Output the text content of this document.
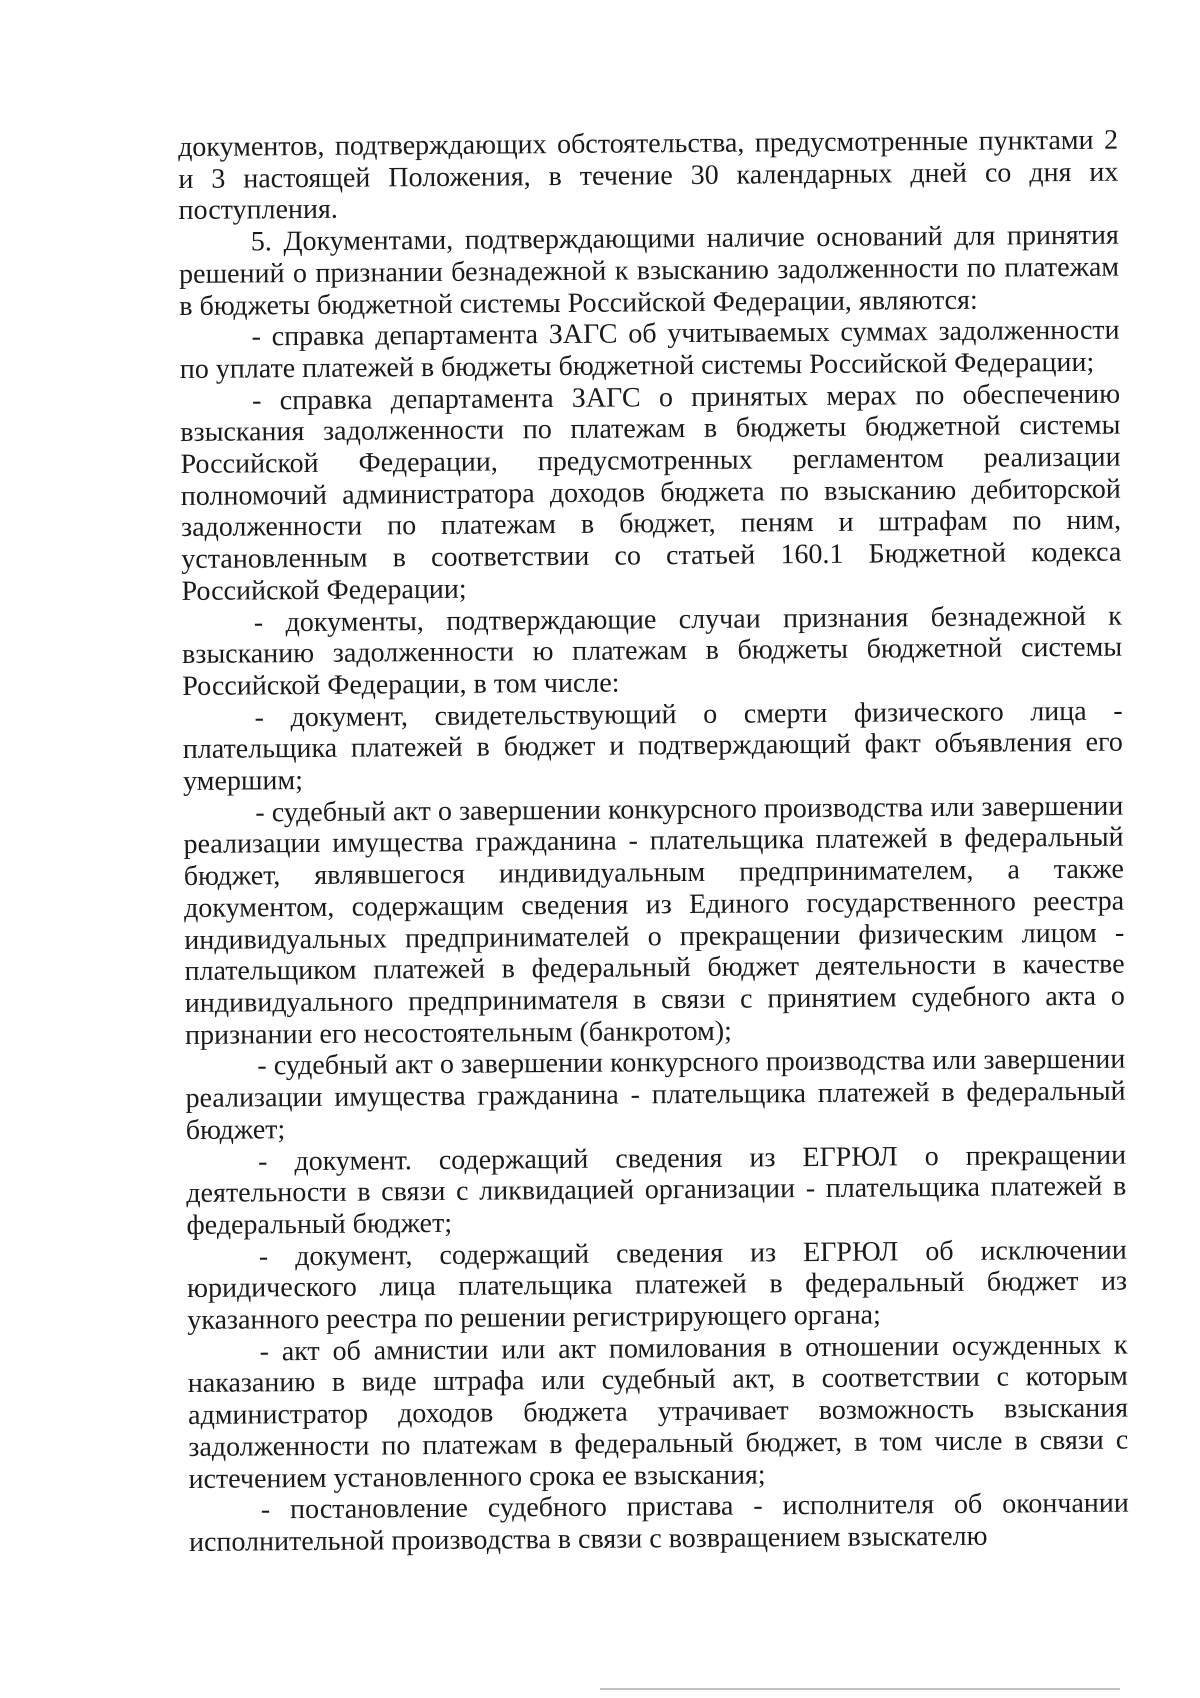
документов, подтверждающих обстоятельства, предусмотренные пунктами 2 и 3 настоящей Положения, в течение 30 календарных дней со дня их поступления.

5. Документами, подтверждающими наличие оснований для принятия решений о признании безнадежной к взысканию задолженности по платежам в бюджеты бюджетной системы Российской Федерации, являются:

- справка департамента ЗАГС об учитываемых суммах задолженности по уплате платежей в бюджеты бюджетной системы Российской Федерации;

- справка департамента ЗАГС о принятых мерах по обеспечению взыскания задолженности по платежам в бюджеты бюджетной системы Российской Федерации, предусмотренных регламентом реализации полномочий администратора доходов бюджета по взысканию дебиторской задолженности по платежам в бюджет, пеням и штрафам по ним, установленным в соответствии со статьей 160.1 Бюджетной кодекса Российской Федерации;

- документы, подтверждающие случаи признания безнадежной к взысканию задолженности ю платежам в бюджеты бюджетной системы Российской Федерации, в том числе:

- документ, свидетельствующий о смерти физического лица - плательщика платежей в бюджет и подтверждающий факт объявления его умершим;

- судебный акт о завершении конкурсного производства или завершении реализации имущества гражданина - плательщика платежей в федеральный бюджет, являвшегося индивидуальным предпринимателем, а также документом, содержащим сведения из Единого государственного реестра индивидуальных предпринимателей о прекращении физическим лицом - плательщиком платежей в федеральный бюджет деятельности в качестве индивидуального предпринимателя в связи с принятием судебного акта о признании его несостоятельным (банкротом);

- судебный акт о завершении конкурсного производства или завершении реализации имущества гражданина - плательщика платежей в федеральный бюджет;

- документ. содержащий сведения из ЕГРЮЛ о прекращении деятельности в связи с ликвидацией организации - плательщика платежей в федеральный бюджет;

- документ, содержащий сведения из ЕГРЮЛ об исключении юридического лица плательщика платежей в федеральный бюджет из указанного реестра по решении регистрирующего органа;

- акт об амнистии или акт помилования в отношении осужденных к наказанию в виде штрафа или судебный акт, в соответствии с которым администратор доходов бюджета утрачивает возможность взыскания задолженности по платежам в федеральный бюджет, в том числе в связи с истечением установленного срока ее взыскания;

- постановление судебного пристава - исполнителя об окончании исполнительной производства в связи с возвращением взыскателю
